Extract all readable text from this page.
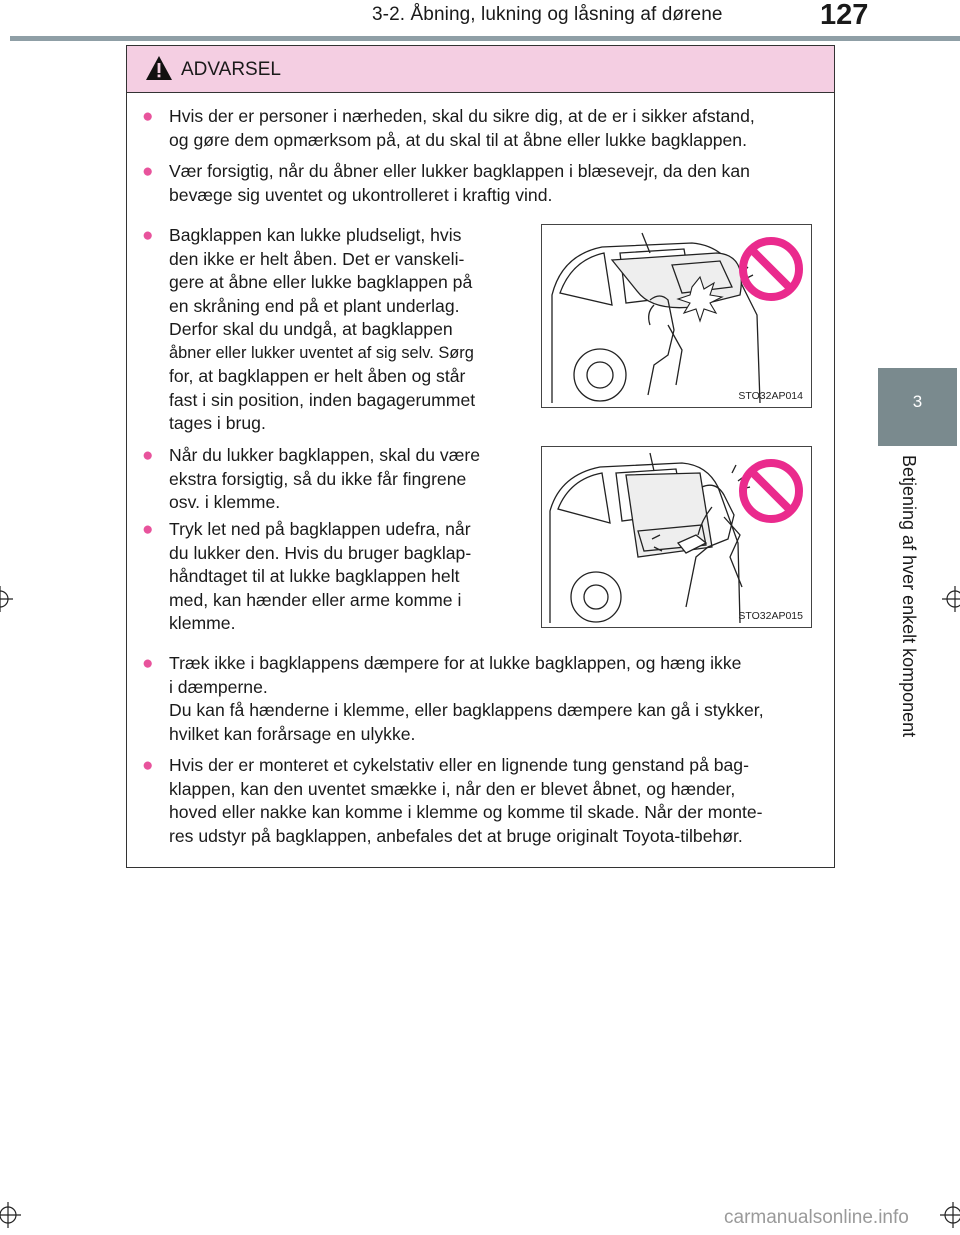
3-2. Åbning, lukning og låsning af dørene	127
3
Betjening af hver enkelt komponent
ADVARSEL
● Hvis der er personer i nærheden, skal du sikre dig, at de er i sikker afstand,
og gøre dem opmærksom på, at du skal til at åbne eller lukke bagklappen.
● Vær forsigtig, når du åbner eller lukker bagklappen i blæsevejr, da den kan
bevæge sig uventet og ukontrolleret i kraftig vind.
● Bagklappen kan lukke pludseligt, hvis
den ikke er helt åben. Det er vanskeli-
gere at åbne eller lukke bagklappen på
en skråning end på et plant underlag.
Derfor skal du undgå, at bagklappen
åbner eller lukker uventet af sig selv. Sørg
for, at bagklappen er helt åben og står
fast i sin position, inden bagagerummet
tages i brug.
STO32AP014
● Når du lukker bagklappen, skal du være
ekstra forsigtig, så du ikke får fingrene
osv. i klemme.
STO32AP015
● Tryk let ned på bagklappen udefra, når
du lukker den. Hvis du bruger bagklap-
håndtaget til at lukke bagklappen helt
med, kan hænder eller arme komme i
klemme.
● Træk ikke i bagklappens dæmpere for at lukke bagklappen, og hæng ikke
i dæmperne.
Du kan få hænderne i klemme, eller bagklappens dæmpere kan gå i stykker,
hvilket kan forårsage en ulykke.
● Hvis der er monteret et cykelstativ eller en lignende tung genstand på bag-
klappen, kan den uventet smække i, når den er blevet åbnet, og hænder,
hoved eller nakke kan komme i klemme og komme til skade. Når der monte-
res udstyr på bagklappen, anbefales det at bruge originalt Toyota-tilbehør.
carmanualsonline.info
